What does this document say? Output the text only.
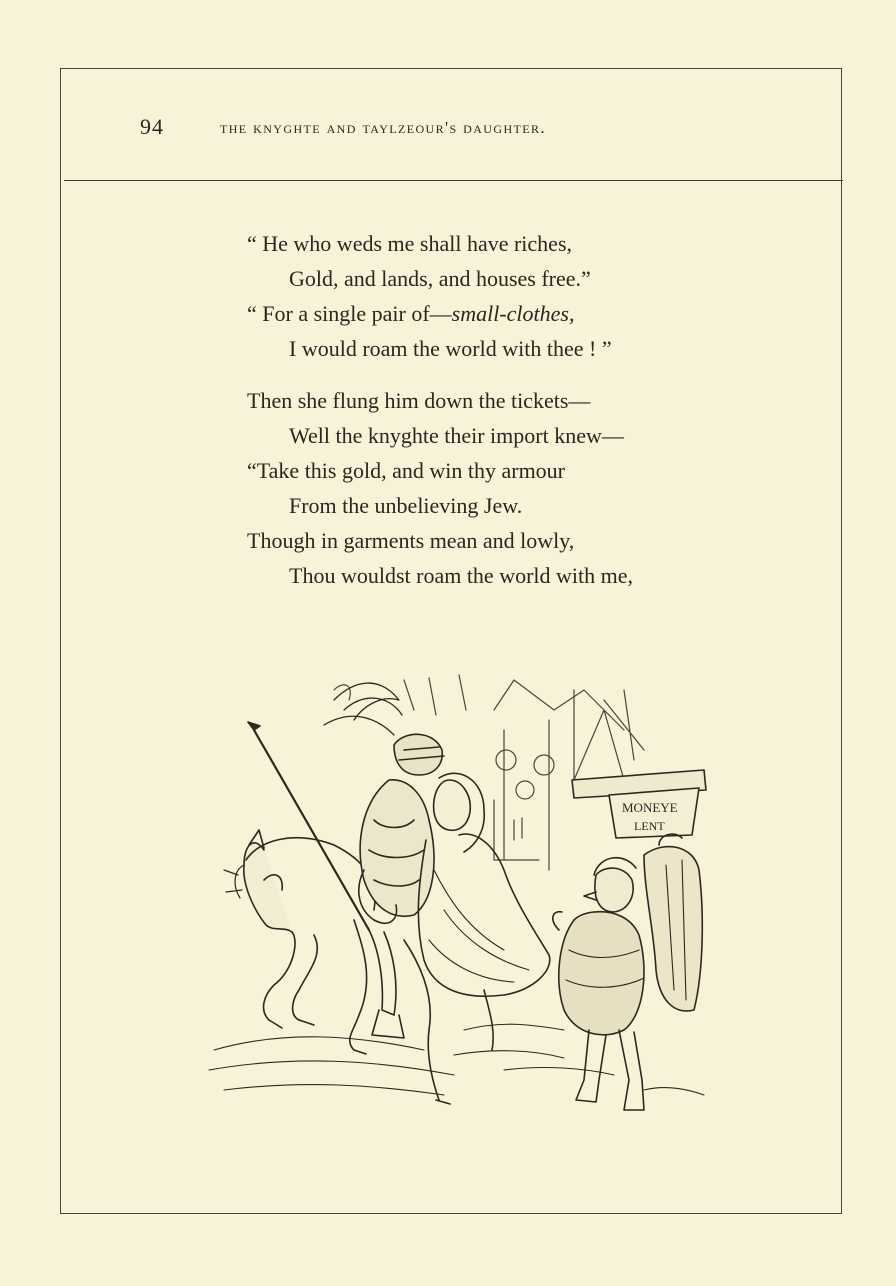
94	the knyghte and taylzeour's daughter.
“ He who weds me shall have riches,
Gold, and lands, and houses free.”
“ For a single pair of—small-clothes,
I would roam the world with thee ! ”
Then she flung him down the tickets—
Well the knyghte their import knew—
“Take this gold, and win thy armour
From the unbelieving Jew.
Though in garments mean and lowly,
Thou wouldst roam the world with me,
MONEYE
LENT
